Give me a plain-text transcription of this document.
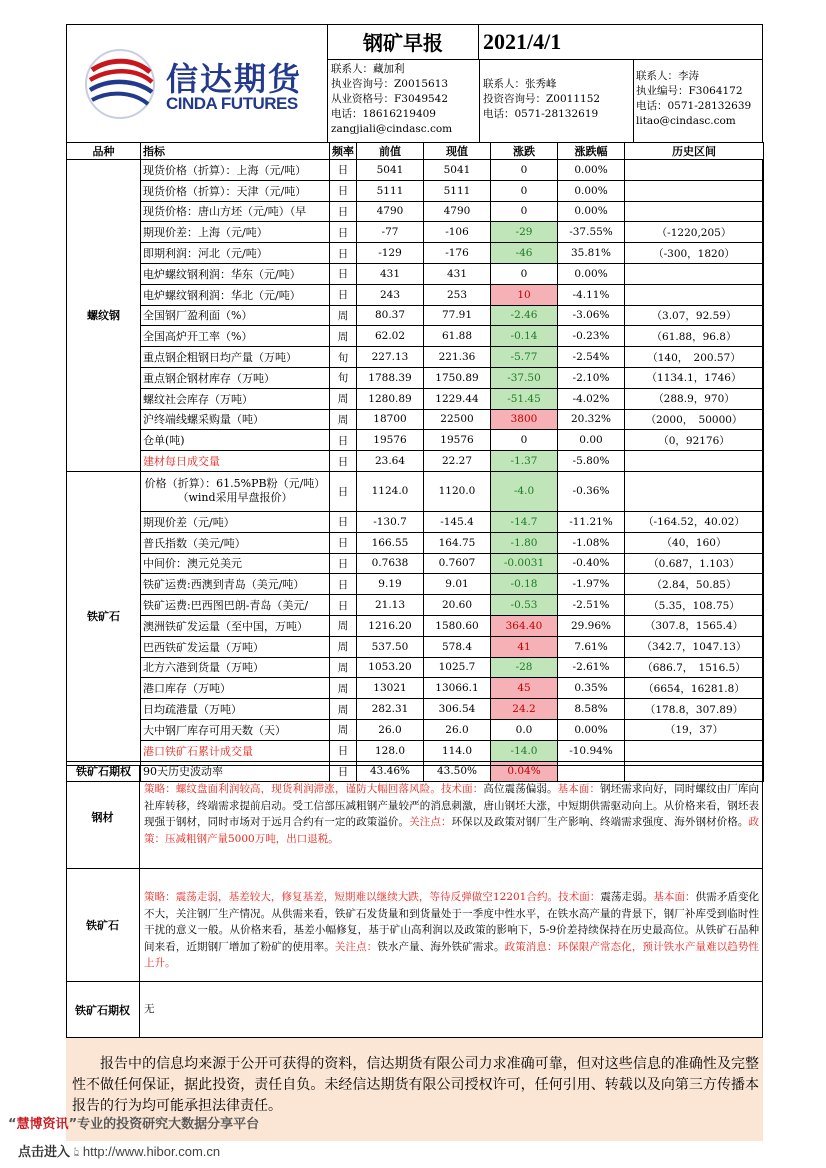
信达期货
CINDA FUTURES
钢矿早报	2021/4/1
联系人：藏加利
执业咨询号：Z0015613
从业资格号：F3049542
电话：18616219409
zangjiali@cindasc.com
联系人：张秀峰
投资咨询号：Z0011152
电话：0571-28132619
联系人：李涛
执业编号：F3064172
电话：0571-28132639
litao@cindasc.com
品种	指标	频率	前值	现值	涨跌	涨跌幅	历史区间
螺纹钢	现货价格（折算）：上海（元/吨）	日	5041	5041	0	0.00%	
	现货价格（折算）：天津（元/吨）	日	5111	5111	0	0.00%	
	现货价格：唐山方坯（元/吨）（早	日	4790	4790	0	0.00%	
	期现价差：上海（元/吨）	日	-77	-106	-29	-37.55%	（-1220,205）
	即期利润：河北（元/吨）	日	-129	-176	-46	35.81%	（-300，1820）
	电炉螺纹钢利润：华东（元/吨）	日	431	431	0	0.00%	
	电炉螺纹钢利润：华北（元/吨）	日	243	253	10	-4.11%	
	全国钢厂盈利面（%）	周	80.37	77.91	-2.46	-3.06%	（3.07，92.59）
	全国高炉开工率（%）	周	62.02	61.88	-0.14	-0.23%	（61.88，96.8）
	重点钢企粗钢日均产量（万吨）	旬	227.13	221.36	-5.77	-2.54%	（140，　200.57）
	重点钢企钢材库存（万吨）	旬	1788.39	1750.89	-37.50	-2.10%	（1134.1，1746）
	螺纹社会库存（万吨）	周	1280.89	1229.44	-51.45	-4.02%	（288.9，970）
	沪终端线螺采购量（吨）	周	18700	22500	3800	20.32%	（2000，　50000）
	仓单(吨)	日	19576	19576	0	0.00	（0，92176）
	建材每日成交量	日	23.64	22.27	-1.37	-5.80%	
铁矿石	价格（折算）：61.5%PB粉（元/吨）（wind采用早盘报价）	日	1124.0	1120.0	-4.0	-0.36%	
	期现价差（元/吨）	日	-130.7	-145.4	-14.7	-11.21%	（-164.52，40.02）
	普氏指数（美元/吨）	日	166.55	164.75	-1.80	-1.08%	（40，160）
	中间价：澳元兑美元	日	0.7638	0.7607	-0.0031	-0.40%	（0.687，1.103）
	铁矿运费:西澳到青岛（美元/吨）	日	9.19	9.01	-0.18	-1.97%	（2.84，50.85）
	铁矿运费:巴西图巴朗-青岛（美元/	日	21.13	20.60	-0.53	-2.51%	（5.35，108.75）
	澳洲铁矿发运量（至中国，万吨）	周	1216.20	1580.60	364.40	29.96%	（307.8，1565.4）
	巴西铁矿发运量（万吨）	周	537.50	578.4	41	7.61%	（342.7，1047.13）
	北方六港到货量（万吨）	周	1053.20	1025.7	-28	-2.61%	（686.7，　1516.5）
	港口库存（万吨）	周	13021	13066.1	45	0.35%	（6654，16281.8）
	日均疏港量（万吨）	周	282.31	306.54	24.2	8.58%	（178.8，307.89）
	大中钢厂库存可用天数（天）	周	26.0	26.0	0.0	0.00%	（19，37）
	港口铁矿石累计成交量	日	128.0	114.0	-14.0	-10.94%	
铁矿石期权	90天历史波动率	日	43.46%	43.50%	0.04%		
钢材
策略：螺纹盘面利润较高，现货利润滞涨，谨防大幅回落风险。技术面：高位震荡偏弱。基本面：钢坯需求向好，同时螺纹由厂库向社库转移，终端需求提前启动。受工信部压减粗钢产量较严的消息刺激，唐山钢坯大涨，中短期供需驱动向上。从价格来看，钢坯表现强于钢材，同时市场对于远月合约有一定的政策溢价。关注点：环保以及政策对钢厂生产影响、终端需求强度、海外钢材价格。政策：压减粗钢产量5000万吨，出口退税。
铁矿石
策略：震荡走弱，基差较大，修复基差，短期难以继续大跌，等待反弹做空12201合约。技术面：震荡走弱。基本面：供需矛盾变化不大，关注钢厂生产情况。从供需来看，铁矿石发货量和到货量处于一季度中性水平，在铁水高产量的背景下，钢厂补库受到临时性干扰的意义一般。从价格来看，基差小幅修复，基于矿山高利润以及政策的影响下，5-9价差持续保持在历史最高位。从铁矿石品种间来看，近期钢厂增加了粉矿的使用率。关注点：铁水产量、海外铁矿需求。政策消息：环保限产常态化，预计铁水产量难以趋势性上升。
铁矿石期权	无
报告中的信息均来源于公开可获得的资料，信达期货有限公司力求准确可靠，但对这些信息的准确性及完整性不做任何保证，据此投资，责任自负。未经信达期货有限公司授权许可，任何引用、转载以及向第三方传播本报告的行为均可能承担法律责任。
“慧博资讯”专业的投资研究大数据分享平台
点击进入 👆︎ http://www.hibor.com.cn
